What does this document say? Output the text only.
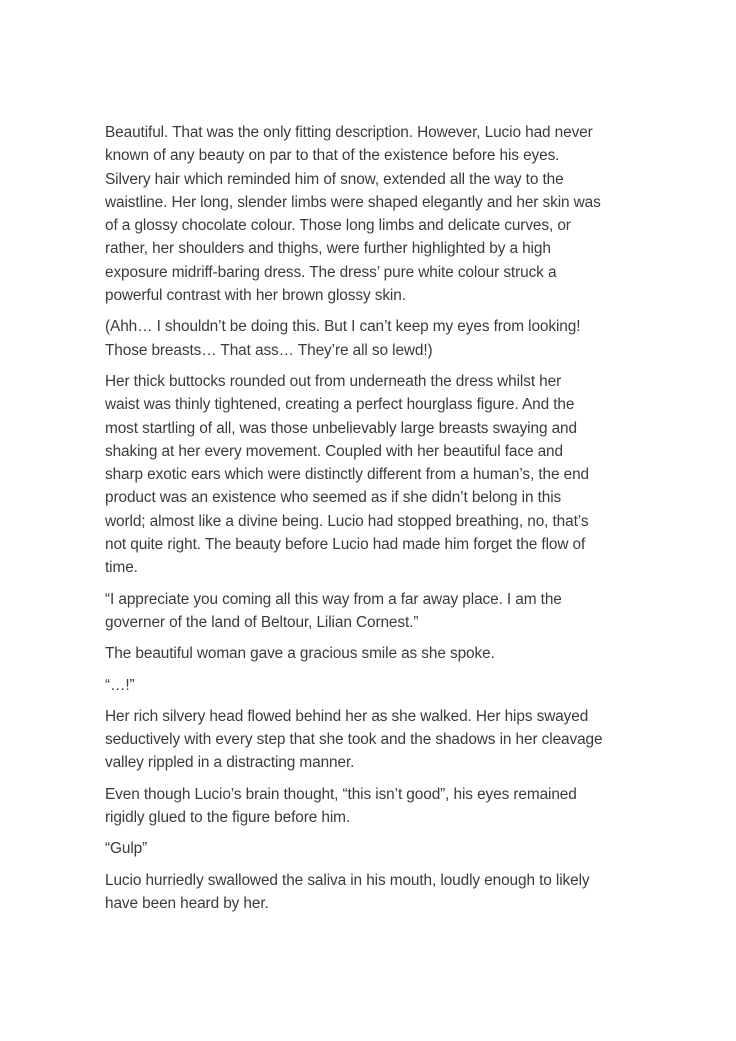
Beautiful. That was the only fitting description. However, Lucio had never
known of any beauty on par to that of the existence before his eyes.
Silvery hair which reminded him of snow, extended all the way to the
waistline. Her long, slender limbs were shaped elegantly and her skin was
of a glossy chocolate colour. Those long limbs and delicate curves, or
rather, her shoulders and thighs, were further highlighted by a high
exposure midriff-baring dress. The dress’ pure white colour struck a
powerful contrast with her brown glossy skin.

(Ahh… I shouldn’t be doing this. But I can’t keep my eyes from looking!
Those breasts… That ass… They’re all so lewd!)

Her thick buttocks rounded out from underneath the dress whilst her
waist was thinly tightened, creating a perfect hourglass figure. And the
most startling of all, was those unbelievably large breasts swaying and
shaking at her every movement. Coupled with her beautiful face and
sharp exotic ears which were distinctly different from a human’s, the end
product was an existence who seemed as if she didn’t belong in this
world; almost like a divine being. Lucio had stopped breathing, no, that’s
not quite right. The beauty before Lucio had made him forget the flow of
time.

“I appreciate you coming all this way from a far away place. I am the
governer of the land of Beltour, Lilian Cornest.”

The beautiful woman gave a gracious smile as she spoke.

“…!”

Her rich silvery head flowed behind her as she walked. Her hips swayed
seductively with every step that she took and the shadows in her cleavage
valley rippled in a distracting manner.

Even though Lucio’s brain thought, “this isn’t good”, his eyes remained
rigidly glued to the figure before him.

“Gulp”

Lucio hurriedly swallowed the saliva in his mouth, loudly enough to likely
have been heard by her.
